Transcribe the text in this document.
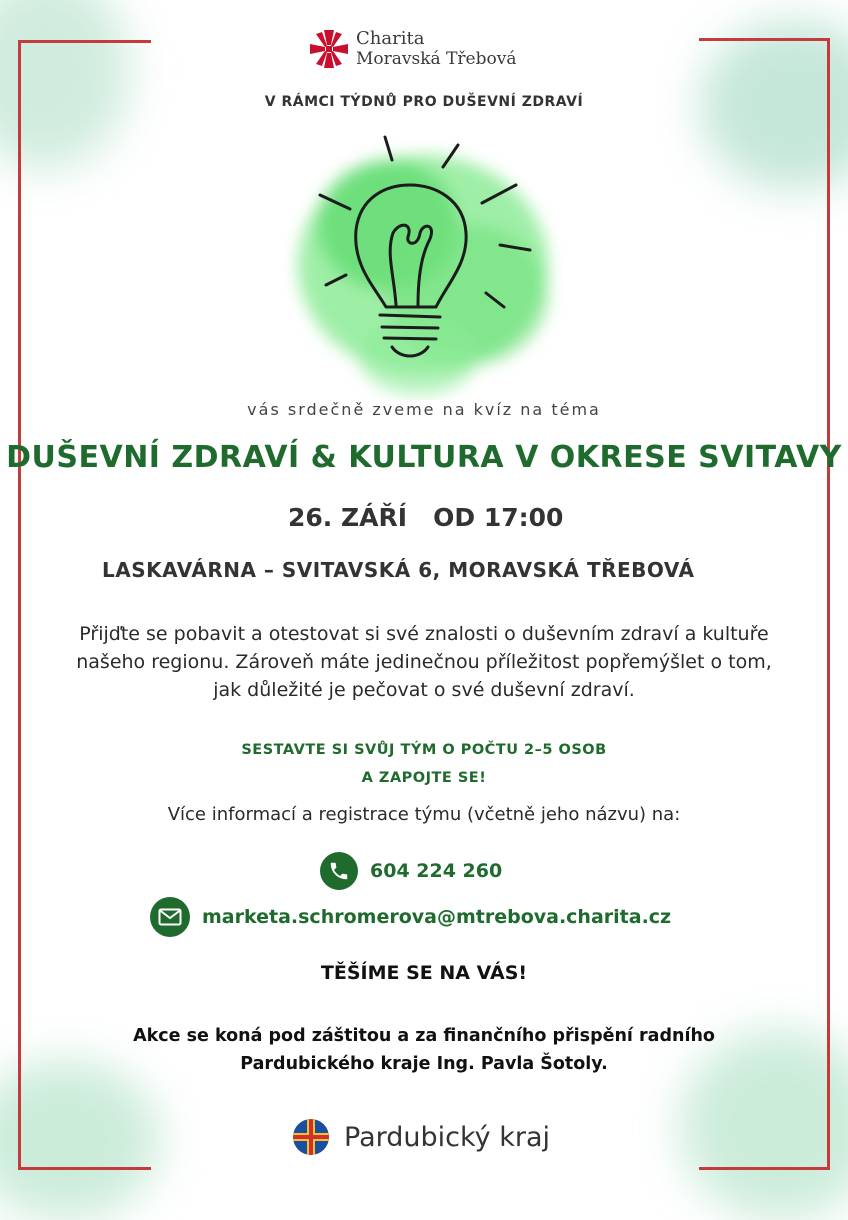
Charita
Moravská Třebová
V RÁMCI TÝDNŮ PRO DUŠEVNÍ ZDRAVÍ
vás srdečně zveme na kvíz na téma
DUŠEVNÍ ZDRAVÍ & KULTURA V OKRESE SVITAVY
26. ZÁŘÍ   OD 17:00
LASKAVÁRNA – SVITAVSKÁ 6, MORAVSKÁ TŘEBOVÁ
Přijďte se pobavit a otestovat si své znalosti o duševním zdraví a kultuře
našeho regionu. Zároveň máte jedinečnou příležitost popřemýšlet o tom,
jak důležité je pečovat o své duševní zdraví.
SESTAVTE SI SVŮJ TÝM O POČTU 2–5 OSOB
A ZAPOJTE SE!
Více informací a registrace týmu (včetně jeho názvu) na:
604 224 260
marketa.schromerova@mtrebova.charita.cz
TĚŠÍME SE NA VÁS!
Akce se koná pod záštitou a za finančního přispění radního
Pardubického kraje Ing. Pavla Šotoly.
Pardubický kraj
